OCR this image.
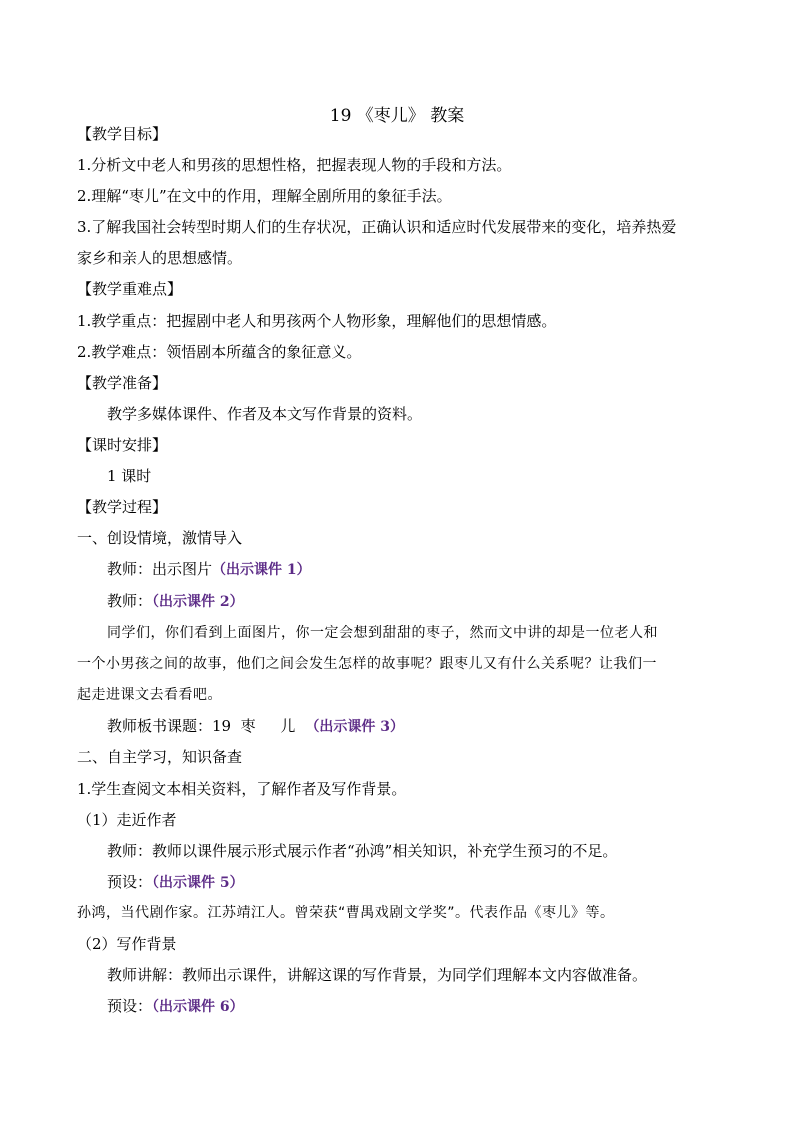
19 《枣儿》 教案

【教学目标】

1.分析文中老人和男孩的思想性格，把握表现人物的手段和方法。

2.理解“枣儿”在文中的作用，理解全剧所用的象征手法。

3.了解我国社会转型时期人们的生存状况，正确认识和适应时代发展带来的变化，培养热爱

家乡和亲人的思想感情。

【教学重难点】

1.教学重点：把握剧中老人和男孩两个人物形象，理解他们的思想情感。

2.教学难点：领悟剧本所蕴含的象征意义。

【教学准备】

教学多媒体课件、作者及本文写作背景的资料。

【课时安排】

1 课时

【教学过程】

一、创设情境，激情导入

教师：出示图片（出示课件 1）

教师：（出示课件 2）

同学们，你们看到上面图片，你一定会想到甜甜的枣子，然而文中讲的却是一位老人和

一个小男孩之间的故事，他们之间会发生怎样的故事呢？跟枣儿又有什么关系呢？让我们一

起走进课文去看看吧。

教师板书课题：19 枣 儿（出示课件 3）

二、自主学习，知识备查

1.学生查阅文本相关资料，了解作者及写作背景。

（1）走近作者

教师：教师以课件展示形式展示作者“孙鸿”相关知识，补充学生预习的不足。

预设：（出示课件 5）

孙鸿，当代剧作家。江苏靖江人。曾荣获“曹禺戏剧文学奖”。代表作品《枣儿》等。

（2）写作背景

教师讲解：教师出示课件，讲解这课的写作背景，为同学们理解本文内容做准备。

预设：（出示课件 6）
